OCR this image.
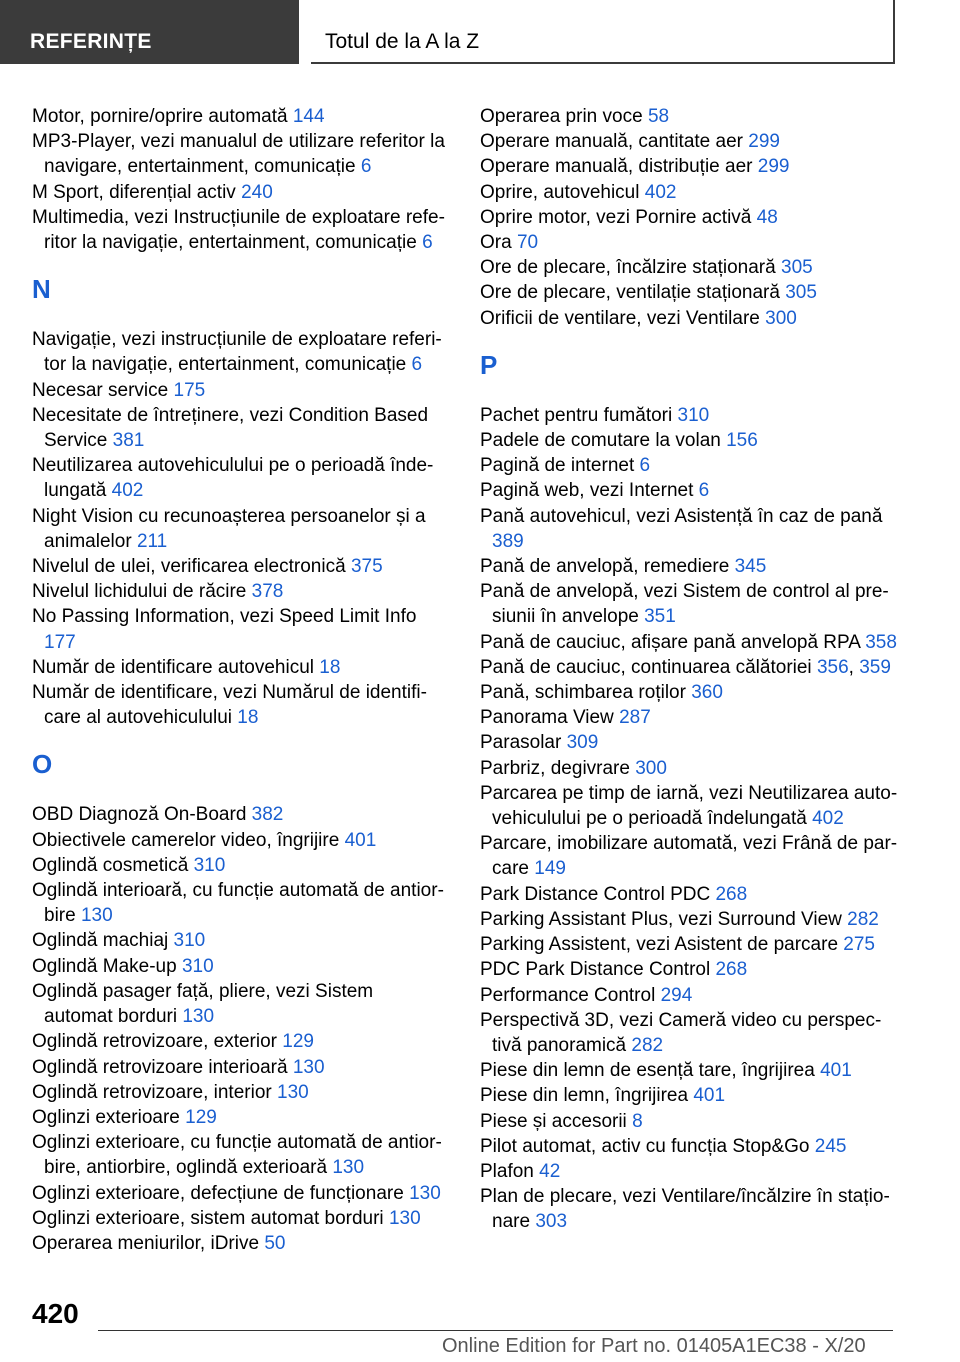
REFERINȚE	Totul de la A la Z
Motor, pornire/oprire automată 144
MP3-Player, vezi manualul de utilizare referitor la navigare, entertainment, comunicație 6
M Sport, diferențial activ 240
Multimedia, vezi Instrucțiunile de exploatare refe-ritor la navigație, entertainment, comunicație 6
N
Navigație, vezi instrucțiunile de exploatare referi-tor la navigație, entertainment, comunicație 6
Necesar service 175
Necesitate de întreținere, vezi Condition Based Service 381
Neutilizarea autovehiculului pe o perioadă înde-lungată 402
Night Vision cu recunoașterea persoanelor și a animalelor 211
Nivelul de ulei, verificarea electronică 375
Nivelul lichidului de răcire 378
No Passing Information, vezi Speed Limit Info 177
Număr de identificare autovehicul 18
Număr de identificare, vezi Numărul de identifi-care al autovehiculului 18
O
OBD Diagnoză On-Board 382
Obiectivele camerelor video, îngrijire 401
Oglindă cosmetică 310
Oglindă interioară, cu funcție automată de antior-bire 130
Oglindă machiaj 310
Oglindă Make-up 310
Oglindă pasager față, pliere, vezi Sistem automat borduri 130
Oglindă retrovizoare, exterior 129
Oglindă retrovizoare interioară 130
Oglindă retrovizoare, interior 130
Oglinzi exterioare 129
Oglinzi exterioare, cu funcție automată de antior-bire, antiorbire, oglindă exterioară 130
Oglinzi exterioare, defecțiune de funcționare 130
Oglinzi exterioare, sistem automat borduri 130
Operarea meniurilor, iDrive 50
Operarea prin voce 58
Operare manuală, cantitate aer 299
Operare manuală, distribuție aer 299
Oprire, autovehicul 402
Oprire motor, vezi Pornire activă 48
Ora 70
Ore de plecare, încălzire staționară 305
Ore de plecare, ventilație staționară 305
Orificii de ventilare, vezi Ventilare 300
P
Pachet pentru fumători 310
Padele de comutare la volan 156
Pagină de internet 6
Pagină web, vezi Internet 6
Pană autovehicul, vezi Asistență în caz de pană 389
Pană de anvelopă, remediere 345
Pană de anvelopă, vezi Sistem de control al pre-siunii în anvelope 351
Pană de cauciuc, afișare pană anvelopă RPA 358
Pană de cauciuc, continuarea călătoriei 356, 359
Pană, schimbarea roților 360
Panorama View 287
Parasolar 309
Parbriz, degivrare 300
Parcarea pe timp de iarnă, vezi Neutilizarea auto-vehiculului pe o perioadă îndelungată 402
Parcare, imobilizare automată, vezi Frână de par-care 149
Park Distance Control PDC 268
Parking Assistant Plus, vezi Surround View 282
Parking Assistent, vezi Asistent de parcare 275
PDC Park Distance Control 268
Performance Control 294
Perspectivă 3D, vezi Cameră video cu perspec-tivă panoramică 282
Piese din lemn de esență tare, îngrijirea 401
Piese din lemn, îngrijirea 401
Piese și accesorii 8
Pilot automat, activ cu funcția Stop&Go 245
Plafon 42
Plan de plecare, vezi Ventilare/încălzire în stațio-nare 303
420
Online Edition for Part no. 01405A1EC38 - X/20
